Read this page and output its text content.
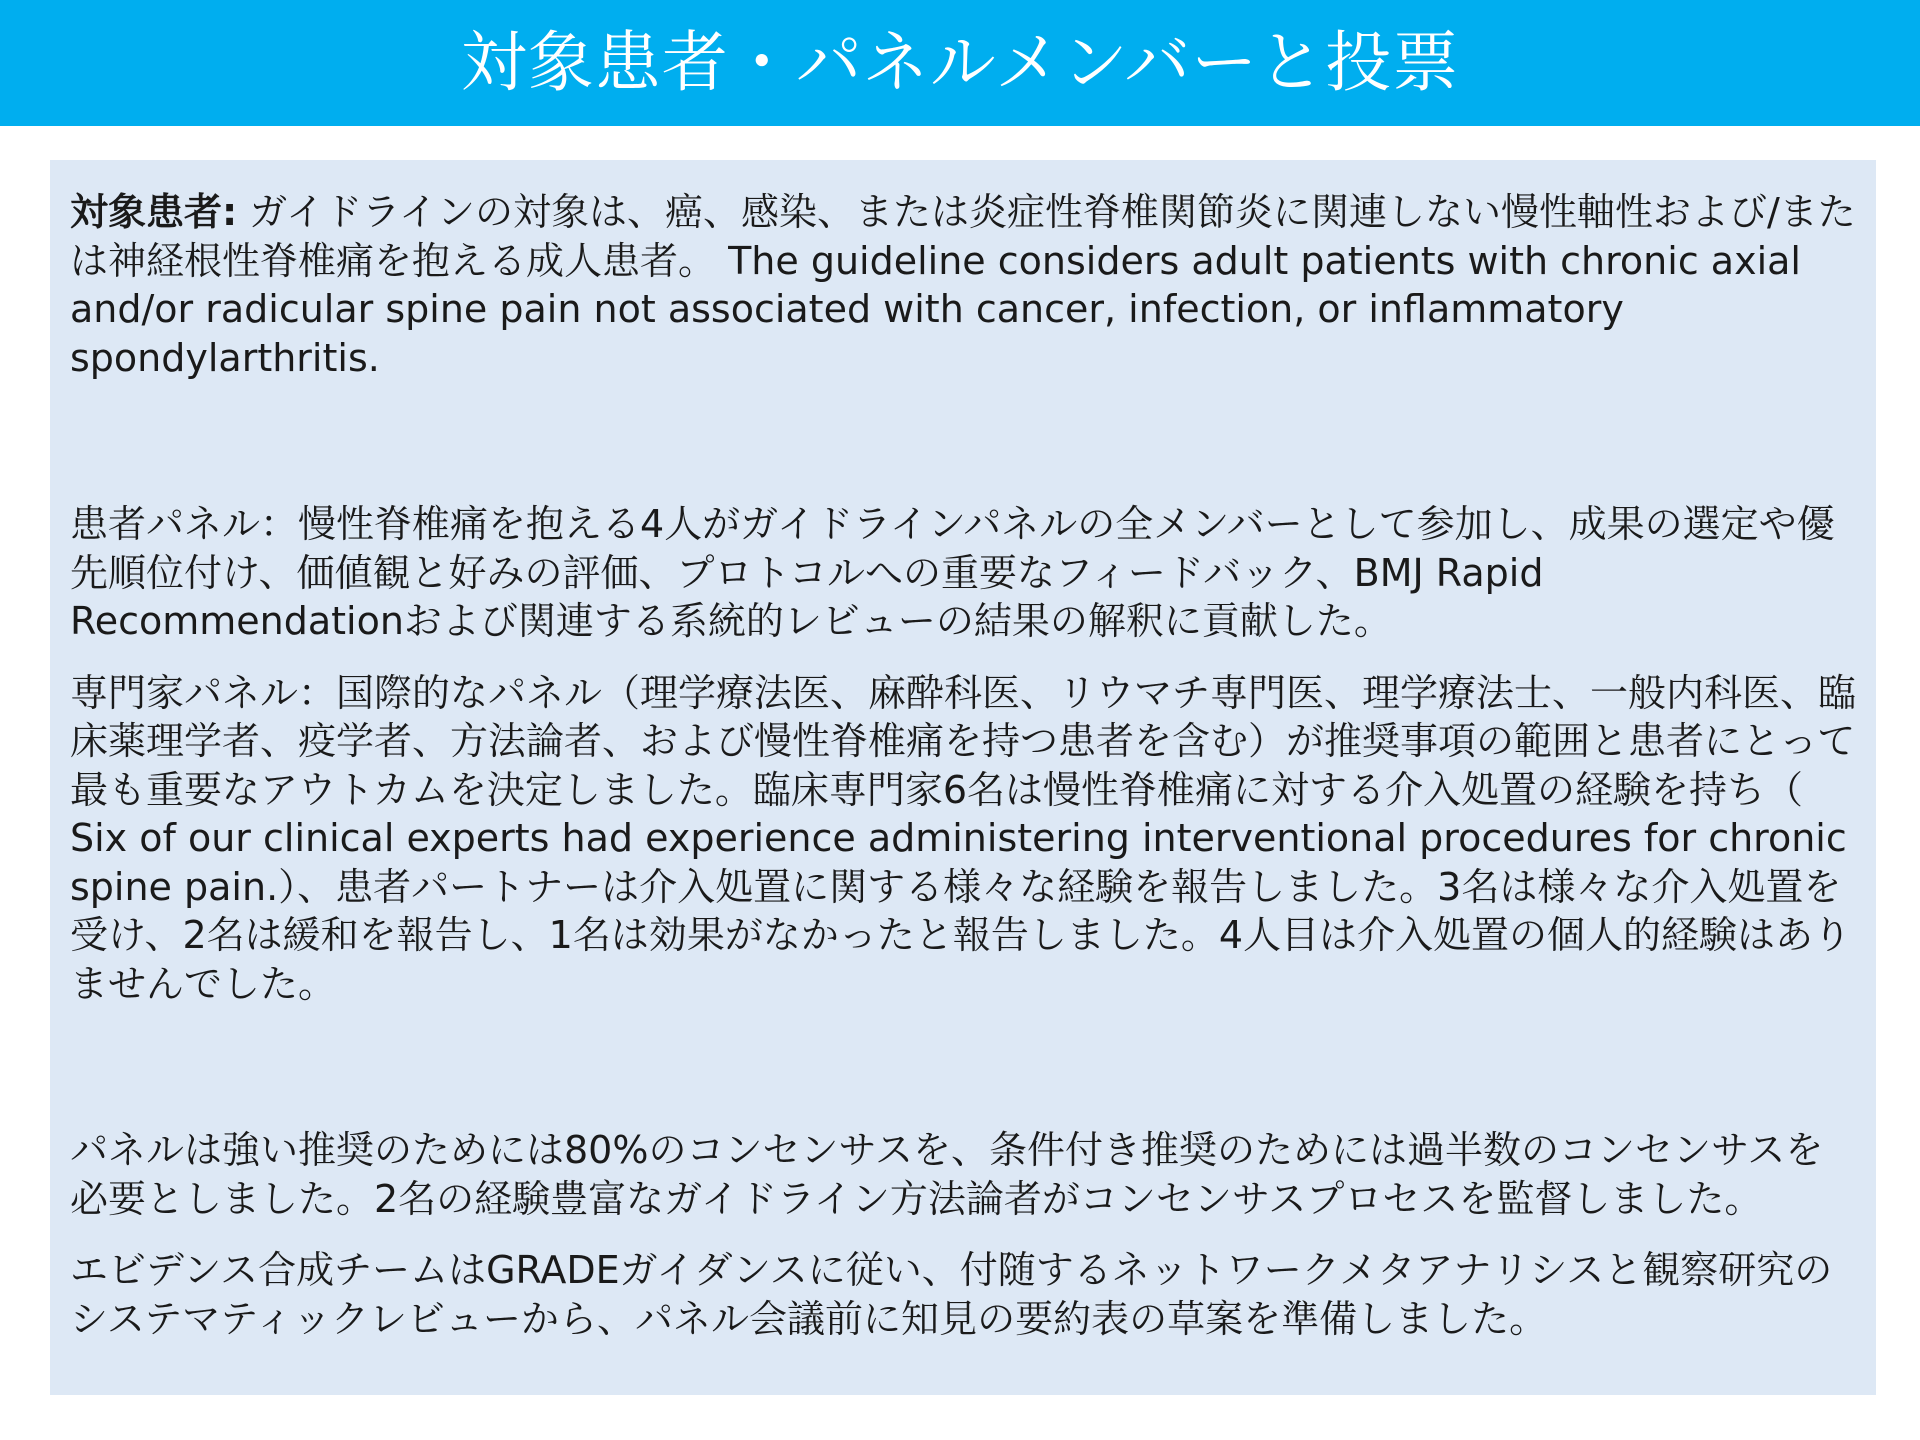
対象患者・パネルメンバーと投票

対象患者: ガイドラインの対象は、癌、感染、または炎症性脊椎関節炎に関連しない慢性軸性および/または神経根性脊椎痛を抱える成人患者。 The guideline considers adult patients with chronic axial and/or radicular spine pain not associated with cancer, infection, or inflammatory spondylarthritis.

患者パネル：慢性脊椎痛を抱える4人がガイドラインパネルの全メンバーとして参加し、成果の選定や優先順位付け、価値観と好みの評価、プロトコルへの重要なフィードバック、BMJ Rapid Recommendationおよび関連する系統的レビューの結果の解釈に貢献した。

専門家パネル：国際的なパネル（理学療法医、麻酔科医、リウマチ専門医、理学療法士、一般内科医、臨床薬理学者、疫学者、方法論者、および慢性脊椎痛を持つ患者を含む）が推奨事項の範囲と患者にとって最も重要なアウトカムを決定しました。臨床専門家6名は慢性脊椎痛に対する介入処置の経験を持ち（ Six of our clinical experts had experience administering interventional procedures for chronic spine pain.）、患者パートナーは介入処置に関する様々な経験を報告しました。3名は様々な介入処置を受け、2名は緩和を報告し、1名は効果がなかったと報告しました。4人目は介入処置の個人的経験はありませんでした。

パネルは強い推奨のためには80%のコンセンサスを、条件付き推奨のためには過半数のコンセンサスを必要としました。2名の経験豊富なガイドライン方法論者がコンセンサスプロセスを監督しました。

エビデンス合成チームはGRADEガイダンスに従い、付随するネットワークメタアナリシスと観察研究のシステマティックレビューから、パネル会議前に知見の要約表の草案を準備しました。
